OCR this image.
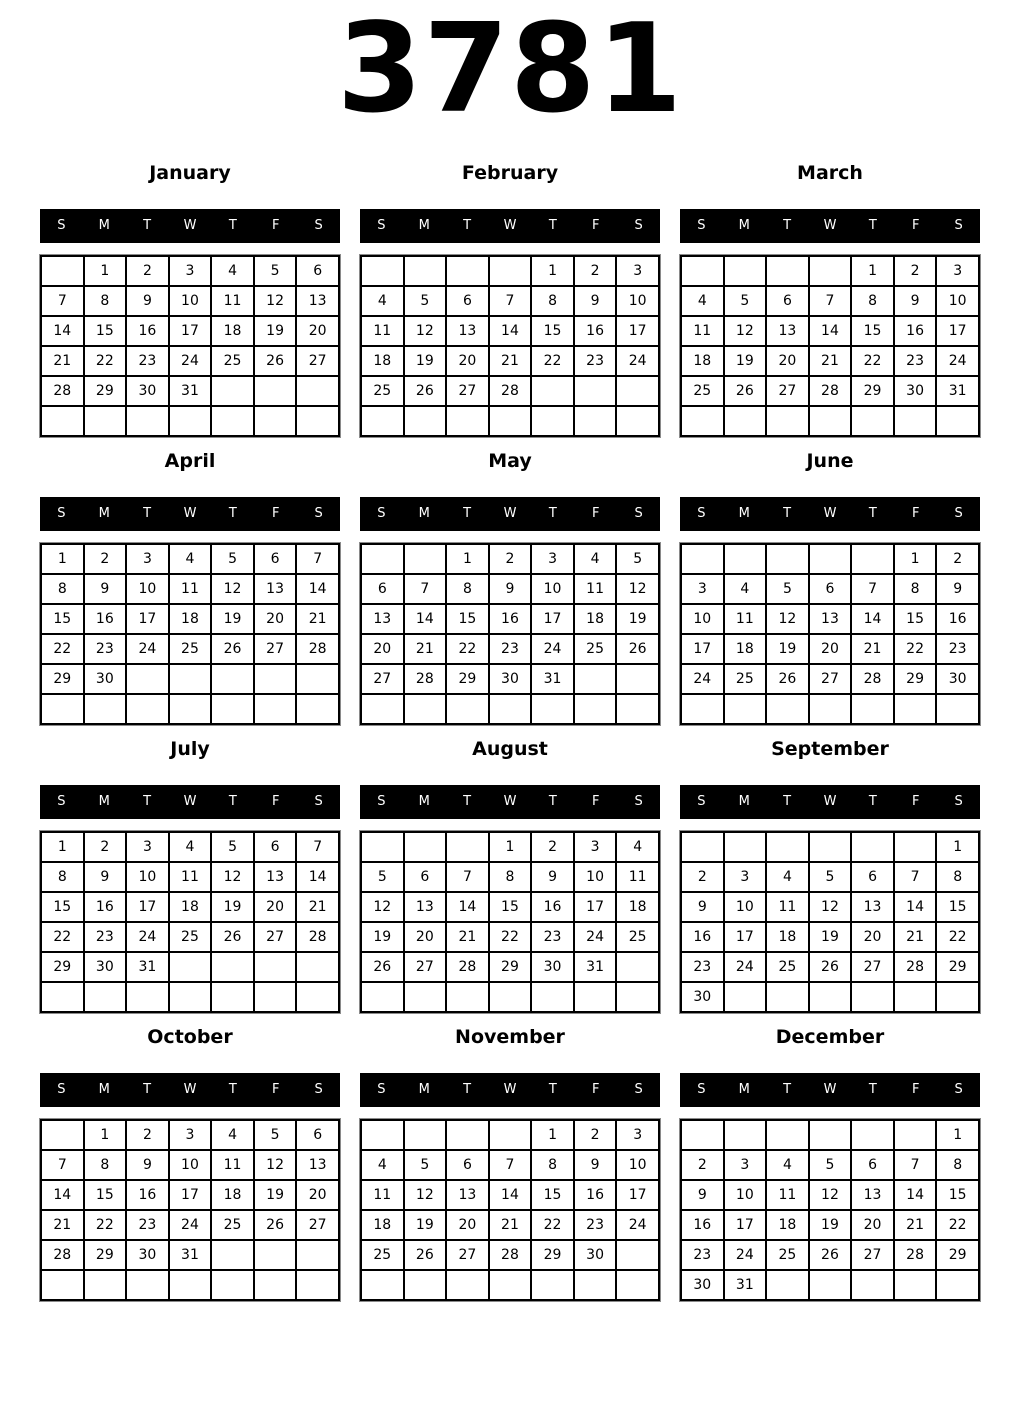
3781
January
S	M	T	W	T	F	S
	1	2	3	4	5	6
7	8	9	10	11	12	13
14	15	16	17	18	19	20
21	22	23	24	25	26	27
28	29	30	31			

February
S	M	T	W	T	F	S
				1	2	3
4	5	6	7	8	9	10
11	12	13	14	15	16	17
18	19	20	21	22	23	24
25	26	27	28			

March
S	M	T	W	T	F	S
				1	2	3
4	5	6	7	8	9	10
11	12	13	14	15	16	17
18	19	20	21	22	23	24
25	26	27	28	29	30	31

April
S	M	T	W	T	F	S
1	2	3	4	5	6	7
8	9	10	11	12	13	14
15	16	17	18	19	20	21
22	23	24	25	26	27	28
29	30					

May
S	M	T	W	T	F	S
		1	2	3	4	5
6	7	8	9	10	11	12
13	14	15	16	17	18	19
20	21	22	23	24	25	26
27	28	29	30	31		

June
S	M	T	W	T	F	S
					1	2
3	4	5	6	7	8	9
10	11	12	13	14	15	16
17	18	19	20	21	22	23
24	25	26	27	28	29	30

July
S	M	T	W	T	F	S
1	2	3	4	5	6	7
8	9	10	11	12	13	14
15	16	17	18	19	20	21
22	23	24	25	26	27	28
29	30	31				

August
S	M	T	W	T	F	S
			1	2	3	4
5	6	7	8	9	10	11
12	13	14	15	16	17	18
19	20	21	22	23	24	25
26	27	28	29	30	31	

September
S	M	T	W	T	F	S
						1
2	3	4	5	6	7	8
9	10	11	12	13	14	15
16	17	18	19	20	21	22
23	24	25	26	27	28	29
30						
October
S	M	T	W	T	F	S
	1	2	3	4	5	6
7	8	9	10	11	12	13
14	15	16	17	18	19	20
21	22	23	24	25	26	27
28	29	30	31			

November
S	M	T	W	T	F	S
				1	2	3
4	5	6	7	8	9	10
11	12	13	14	15	16	17
18	19	20	21	22	23	24
25	26	27	28	29	30	

December
S	M	T	W	T	F	S
						1
2	3	4	5	6	7	8
9	10	11	12	13	14	15
16	17	18	19	20	21	22
23	24	25	26	27	28	29
30	31					
